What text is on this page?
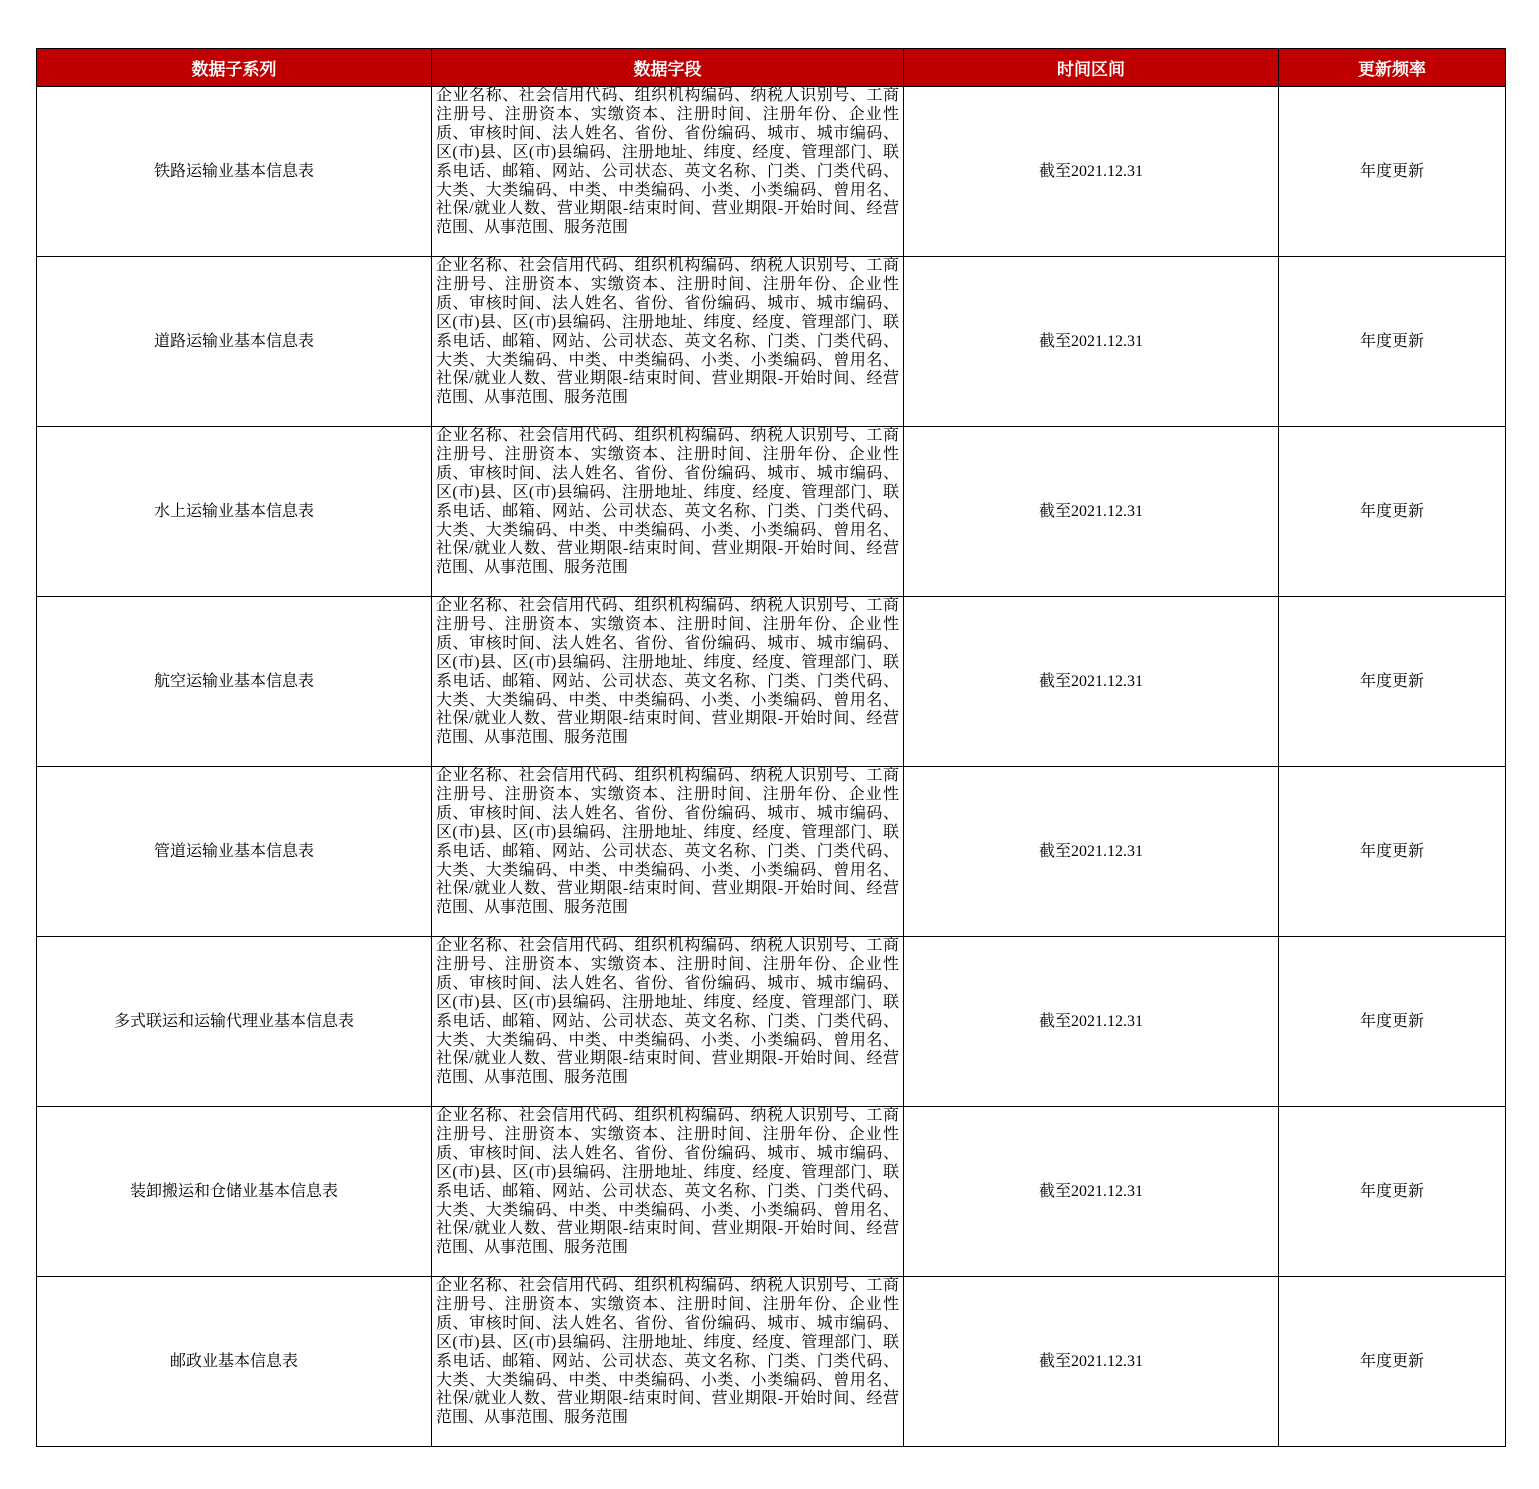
数据子系列	数据字段	时间区间	更新频率
铁路运输业基本信息表	企业名称、社会信用代码、组织机构编码、纳税人识别号、工商注册号、注册资本、实缴资本、注册时间、注册年份、企业性质、审核时间、法人姓名、省份、省份编码、城市、城市编码、区(市)县、区(市)县编码、注册地址、纬度、经度、管理部门、联系电话、邮箱、网站、公司状态、英文名称、门类、门类代码、大类、大类编码、中类、中类编码、小类、小类编码、曾用名、社保/就业人数、营业期限-结束时间、营业期限-开始时间、经营范围、从事范围、服务范围	截至2021.12.31	年度更新
道路运输业基本信息表	企业名称、社会信用代码、组织机构编码、纳税人识别号、工商注册号、注册资本、实缴资本、注册时间、注册年份、企业性质、审核时间、法人姓名、省份、省份编码、城市、城市编码、区(市)县、区(市)县编码、注册地址、纬度、经度、管理部门、联系电话、邮箱、网站、公司状态、英文名称、门类、门类代码、大类、大类编码、中类、中类编码、小类、小类编码、曾用名、社保/就业人数、营业期限-结束时间、营业期限-开始时间、经营范围、从事范围、服务范围	截至2021.12.31	年度更新
水上运输业基本信息表	企业名称、社会信用代码、组织机构编码、纳税人识别号、工商注册号、注册资本、实缴资本、注册时间、注册年份、企业性质、审核时间、法人姓名、省份、省份编码、城市、城市编码、区(市)县、区(市)县编码、注册地址、纬度、经度、管理部门、联系电话、邮箱、网站、公司状态、英文名称、门类、门类代码、大类、大类编码、中类、中类编码、小类、小类编码、曾用名、社保/就业人数、营业期限-结束时间、营业期限-开始时间、经营范围、从事范围、服务范围	截至2021.12.31	年度更新
航空运输业基本信息表	企业名称、社会信用代码、组织机构编码、纳税人识别号、工商注册号、注册资本、实缴资本、注册时间、注册年份、企业性质、审核时间、法人姓名、省份、省份编码、城市、城市编码、区(市)县、区(市)县编码、注册地址、纬度、经度、管理部门、联系电话、邮箱、网站、公司状态、英文名称、门类、门类代码、大类、大类编码、中类、中类编码、小类、小类编码、曾用名、社保/就业人数、营业期限-结束时间、营业期限-开始时间、经营范围、从事范围、服务范围	截至2021.12.31	年度更新
管道运输业基本信息表	企业名称、社会信用代码、组织机构编码、纳税人识别号、工商注册号、注册资本、实缴资本、注册时间、注册年份、企业性质、审核时间、法人姓名、省份、省份编码、城市、城市编码、区(市)县、区(市)县编码、注册地址、纬度、经度、管理部门、联系电话、邮箱、网站、公司状态、英文名称、门类、门类代码、大类、大类编码、中类、中类编码、小类、小类编码、曾用名、社保/就业人数、营业期限-结束时间、营业期限-开始时间、经营范围、从事范围、服务范围	截至2021.12.31	年度更新
多式联运和运输代理业基本信息表	企业名称、社会信用代码、组织机构编码、纳税人识别号、工商注册号、注册资本、实缴资本、注册时间、注册年份、企业性质、审核时间、法人姓名、省份、省份编码、城市、城市编码、区(市)县、区(市)县编码、注册地址、纬度、经度、管理部门、联系电话、邮箱、网站、公司状态、英文名称、门类、门类代码、大类、大类编码、中类、中类编码、小类、小类编码、曾用名、社保/就业人数、营业期限-结束时间、营业期限-开始时间、经营范围、从事范围、服务范围	截至2021.12.31	年度更新
装卸搬运和仓储业基本信息表	企业名称、社会信用代码、组织机构编码、纳税人识别号、工商注册号、注册资本、实缴资本、注册时间、注册年份、企业性质、审核时间、法人姓名、省份、省份编码、城市、城市编码、区(市)县、区(市)县编码、注册地址、纬度、经度、管理部门、联系电话、邮箱、网站、公司状态、英文名称、门类、门类代码、大类、大类编码、中类、中类编码、小类、小类编码、曾用名、社保/就业人数、营业期限-结束时间、营业期限-开始时间、经营范围、从事范围、服务范围	截至2021.12.31	年度更新
邮政业基本信息表	企业名称、社会信用代码、组织机构编码、纳税人识别号、工商注册号、注册资本、实缴资本、注册时间、注册年份、企业性质、审核时间、法人姓名、省份、省份编码、城市、城市编码、区(市)县、区(市)县编码、注册地址、纬度、经度、管理部门、联系电话、邮箱、网站、公司状态、英文名称、门类、门类代码、大类、大类编码、中类、中类编码、小类、小类编码、曾用名、社保/就业人数、营业期限-结束时间、营业期限-开始时间、经营范围、从事范围、服务范围	截至2021.12.31	年度更新
